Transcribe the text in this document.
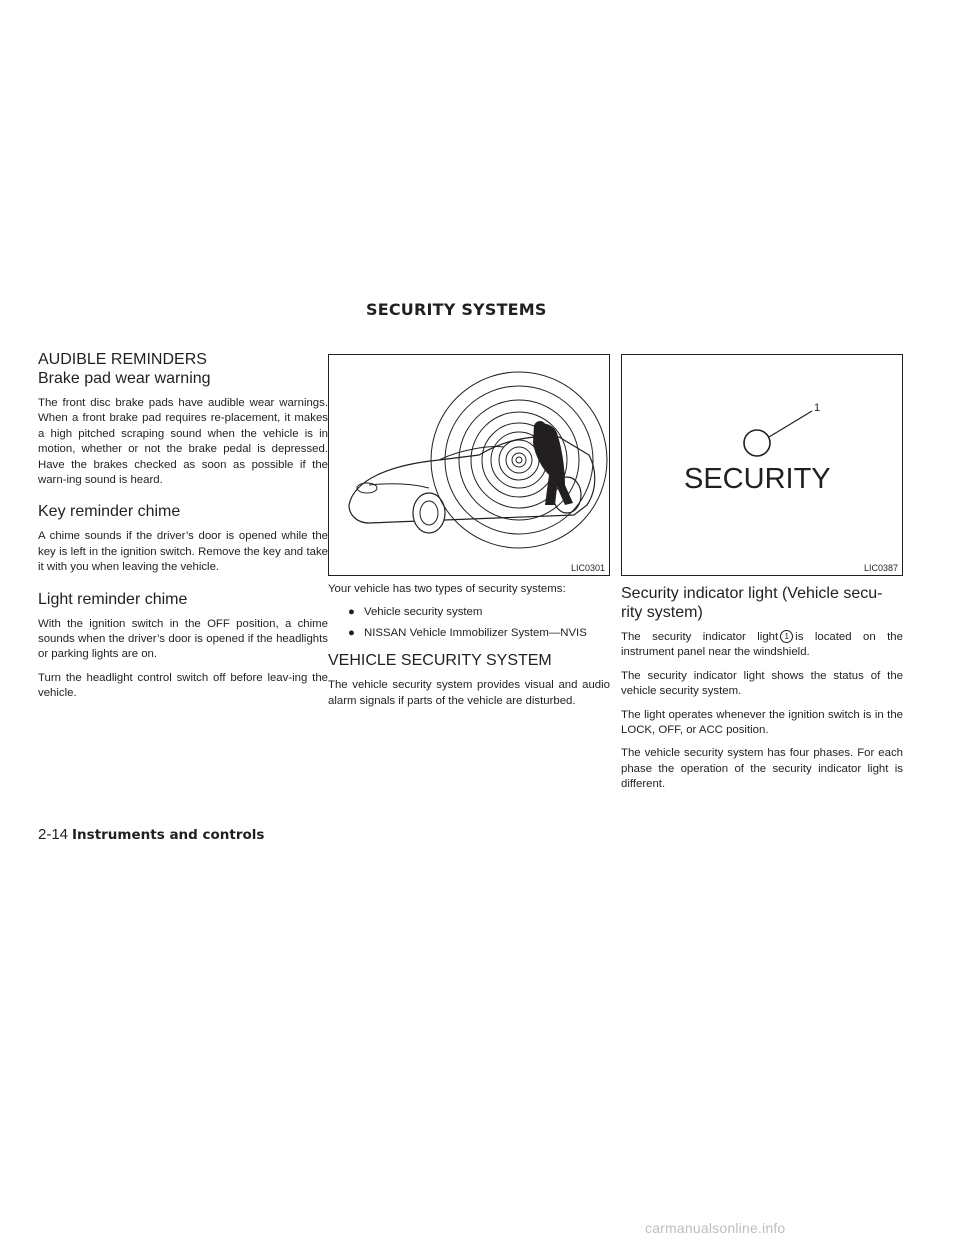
SECURITY SYSTEMS
AUDIBLE REMINDERS
Brake pad wear warning

The front disc brake pads have audible wear warnings. When a front brake pad requires re-placement, it makes a high pitched scraping sound when the vehicle is in motion, whether or not the brake pedal is depressed. Have the brakes checked as soon as possible if the warn-ing sound is heard.

Key reminder chime

A chime sounds if the driver’s door is opened while the key is left in the ignition switch. Remove the key and take it with you when leaving the vehicle.

Light reminder chime

With the ignition switch in the OFF position, a chime sounds when the driver’s door is opened if the headlights or parking lights are on.

Turn the headlight control switch off before leav-ing the vehicle.

LIC0301

Your vehicle has two types of security systems:

● Vehicle security system
● NISSAN Vehicle Immobilizer System—NVIS
VEHICLE SECURITY SYSTEM

The vehicle security system provides visual and audio alarm signals if parts of the vehicle are disturbed.

1
SECURITY
LIC0387
Security indicator light (Vehicle secu-rity system)

The security indicator light 1 is located on the instrument panel near the windshield.

The security indicator light shows the status of the vehicle security system.

The light operates whenever the ignition switch is in the LOCK, OFF, or ACC position.

The vehicle security system has four phases. For each phase the operation of the security indicator light is different.

2-14 Instruments and controls
carmanualsonline.info
